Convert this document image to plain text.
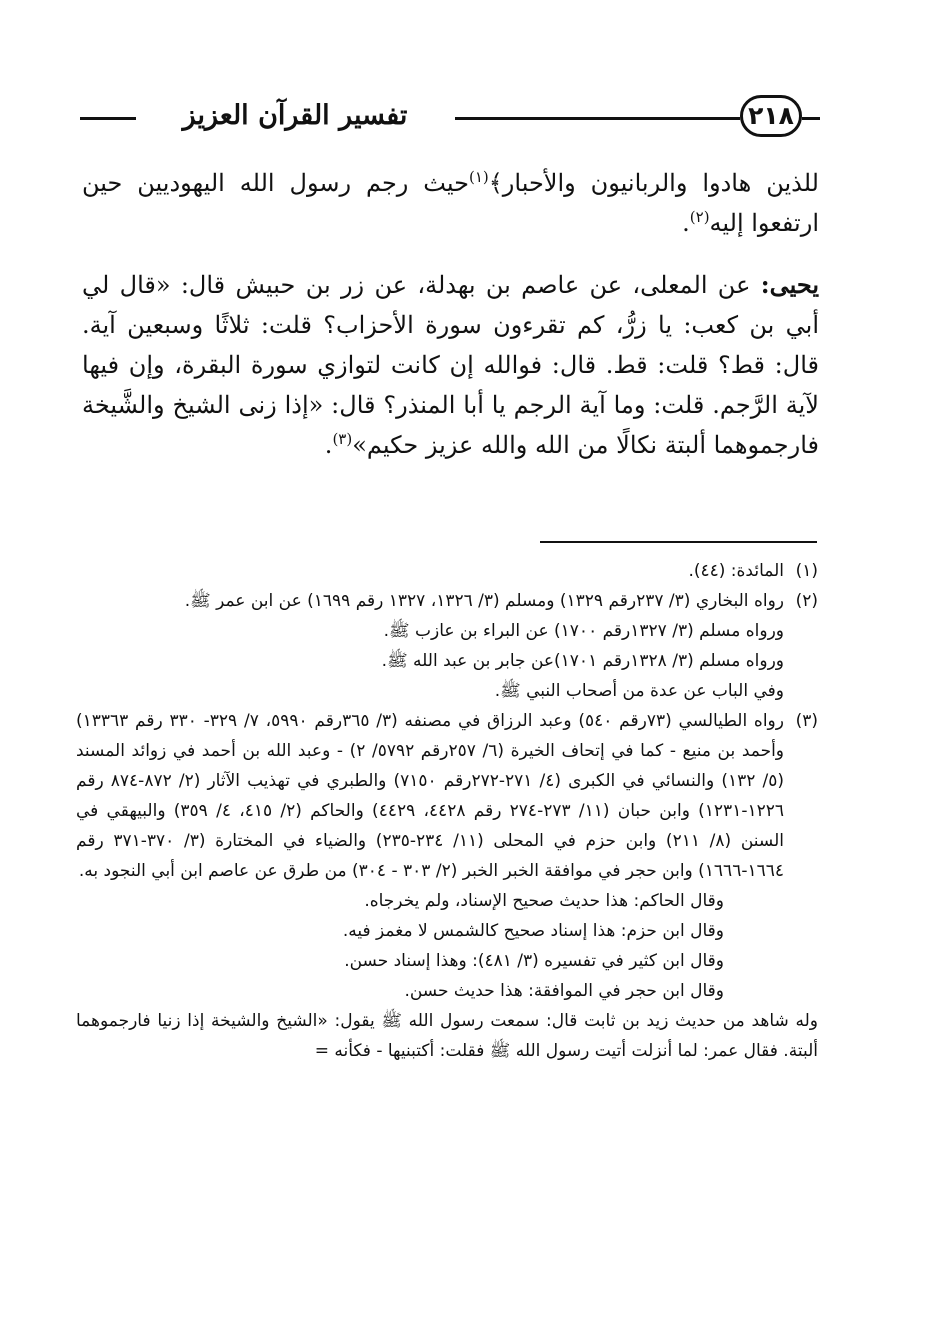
تفسير القرآن العزيز	٢١٨

للذين هادوا والربانيون والأحبار﴾$^{(١)}$حيث رجم رسول الله اليهوديين حين ارتفعوا إليه$^{(٢)}$.

يحيى: عن المعلى، عن عاصم بن بهدلة، عن زر بن حبيش قال: «قال لي أبي بن كعب: يا زرُّ، كم تقرءون سورة الأحزاب؟ قلت: ثلاثًا وسبعين آية. قال: قط؟ قلت: قط. قال: فوالله إن كانت لتوازي سورة البقرة، وإن فيها لآية الرَّجم. قلت: وما آية الرجم يا أبا المنذر؟ قال: «إذا زنى الشيخ والشَّيخة فارجموهما ألبتة نكالًا من الله والله عزيز حكيم»$^{(٣)}$.

(١)
المائدة: (٤٤).
(٢)
رواه البخاري (٣/ ٢٣٧رقم ١٣٢٩) ومسلم (٣/ ١٣٢٦، ١٣٢٧ رقم ١٦٩٩) عن ابن عمر ﷺ.
ورواه مسلم (٣/ ١٣٢٧رقم ١٧٠٠) عن البراء بن عازب ﷺ.
ورواه مسلم (٣/ ١٣٢٨رقم ١٧٠١)عن جابر بن عبد الله ﷺ.
وفي الباب عن عدة من أصحاب النبي ﷺ.
(٣)
رواه الطيالسي (٧٣رقم ٥٤٠) وعبد الرزاق في مصنفه (٣/ ٣٦٥رقم ٥٩٩٠، ٧/ ٣٢٩- ٣٣٠ رقم ١٣٣٦٣) وأحمد بن منيع - كما في إتحاف الخيرة (٦/ ٢٥٧رقم ٥٧٩٢/ ٢) - وعبد الله بن أحمد في زوائد المسند (٥/ ١٣٢) والنسائي في الكبرى (٤/ ٢٧١-٢٧٢رقم ٧١٥٠) والطبري في تهذيب الآثار (٢/ ٨٧٢-٨٧٤ رقم ١٢٢٦-١٢٣١) وابن حبان (١١/ ٢٧٣-٢٧٤ رقم ٤٤٢٨، ٤٤٢٩) والحاكم (٢/ ٤١٥، ٤/ ٣٥٩) والبيهقي في السنن (٨/ ٢١١) وابن حزم في المحلى (١١/ ٢٣٤-٢٣٥) والضياء في المختارة (٣/ ٣٧٠-٣٧١ رقم ١٦٦٤-١٦٦٦) وابن حجر في موافقة الخبر الخبر (٢/ ٣٠٣ - ٣٠٤) من طرق عن عاصم ابن أبي النجود به.
وقال الحاكم: هذا حديث صحيح الإسناد، ولم يخرجاه.
وقال ابن حزم: هذا إسناد صحيح كالشمس لا مغمز فيه.
وقال ابن كثير في تفسيره (٣/ ٤٨١): وهذا إسناد حسن.
وقال ابن حجر في الموافقة: هذا حديث حسن.
وله شاهد من حديث زيد بن ثابت قال: سمعت رسول الله ﷺ يقول: «الشيخ والشيخة إذا زنيا فارجموهما ألبتة. فقال عمر: لما أنزلت أتيت رسول الله ﷺ فقلت: أكتبنيها - فكأنه =
